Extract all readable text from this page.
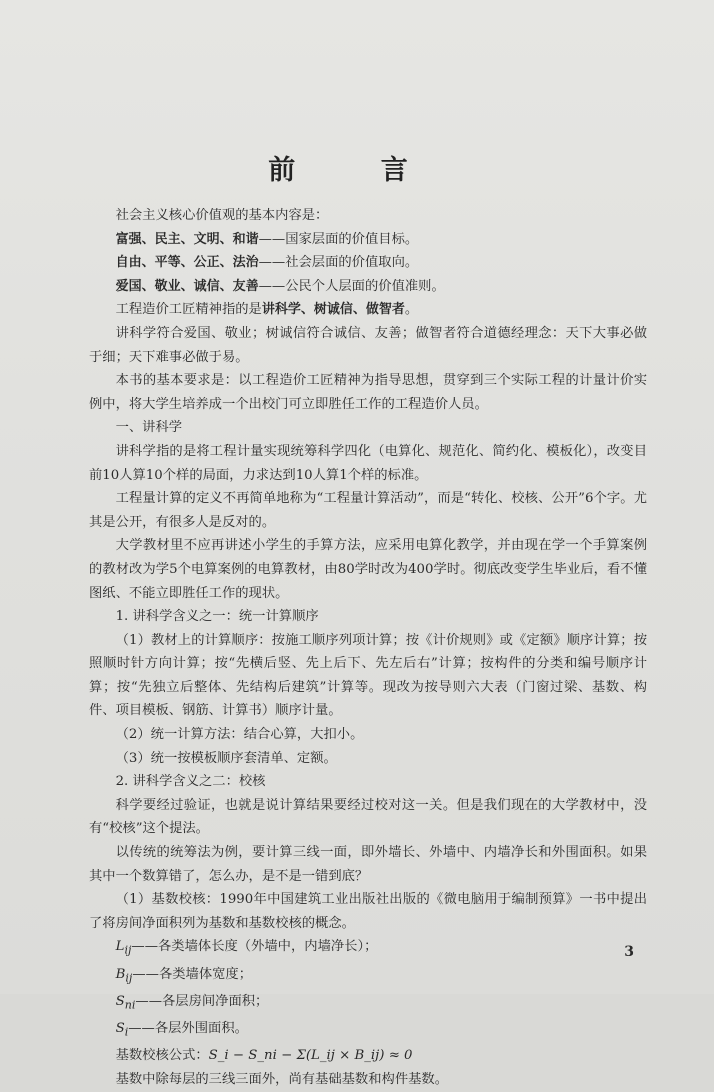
前 言

社会主义核心价值观的基本内容是：

富强、民主、文明、和谐——国家层面的价值目标。

自由、平等、公正、法治——社会层面的价值取向。

爱国、敬业、诚信、友善——公民个人层面的价值准则。

工程造价工匠精神指的是讲科学、树诚信、做智者。

讲科学符合爱国、敬业；树诚信符合诚信、友善；做智者符合道德经理念：天下大事必做于细；天下难事必做于易。

本书的基本要求是：以工程造价工匠精神为指导思想，贯穿到三个实际工程的计量计价实例中，将大学生培养成一个出校门可立即胜任工作的工程造价人员。

一、讲科学

讲科学指的是将工程计量实现统筹科学四化（电算化、规范化、简约化、模板化），改变目前10人算10个样的局面，力求达到10人算1个样的标准。

工程量计算的定义不再简单地称为“工程量计算活动”，而是“转化、校核、公开”6个字。尤其是公开，有很多人是反对的。

大学教材里不应再讲述小学生的手算方法，应采用电算化教学，并由现在学一个手算案例的教材改为学5个电算案例的电算教材，由80学时改为400学时。彻底改变学生毕业后，看不懂图纸、不能立即胜任工作的现状。

1. 讲科学含义之一：统一计算顺序

（1）教材上的计算顺序：按施工顺序列项计算；按《计价规则》或《定额》顺序计算；按照顺时针方向计算；按“先横后竖、先上后下、先左后右”计算；按构件的分类和编号顺序计算；按“先独立后整体、先结构后建筑”计算等。现改为按导则六大表（门窗过梁、基数、构件、项目模板、钢筋、计算书）顺序计量。

（2）统一计算方法：结合心算，大扣小。

（3）统一按模板顺序套清单、定额。

2. 讲科学含义之二：校核

科学要经过验证，也就是说计算结果要经过校对这一关。但是我们现在的大学教材中，没有“校核”这个提法。

以传统的统筹法为例，要计算三线一面，即外墙长、外墙中、内墙净长和外围面积。如果其中一个数算错了，怎么办，是不是一错到底？

（1）基数校核：1990年中国建筑工业出版社出版的《微电脑用于编制预算》一书中提出了将房间净面积列为基数和基数校核的概念。

$L_{ij}——$各类墙体长度（外墙中，内墙净长）；

$B_{ij}——$各类墙体宽度；

$S_{ni}——$各层房间净面积；

$S_i——$各层外围面积。

基数校核公式：S_i − S_ni − Σ(L_ij × B_ij) ≈ 0

基数中除每层的三线三面外，尚有基础基数和构件基数。

3
